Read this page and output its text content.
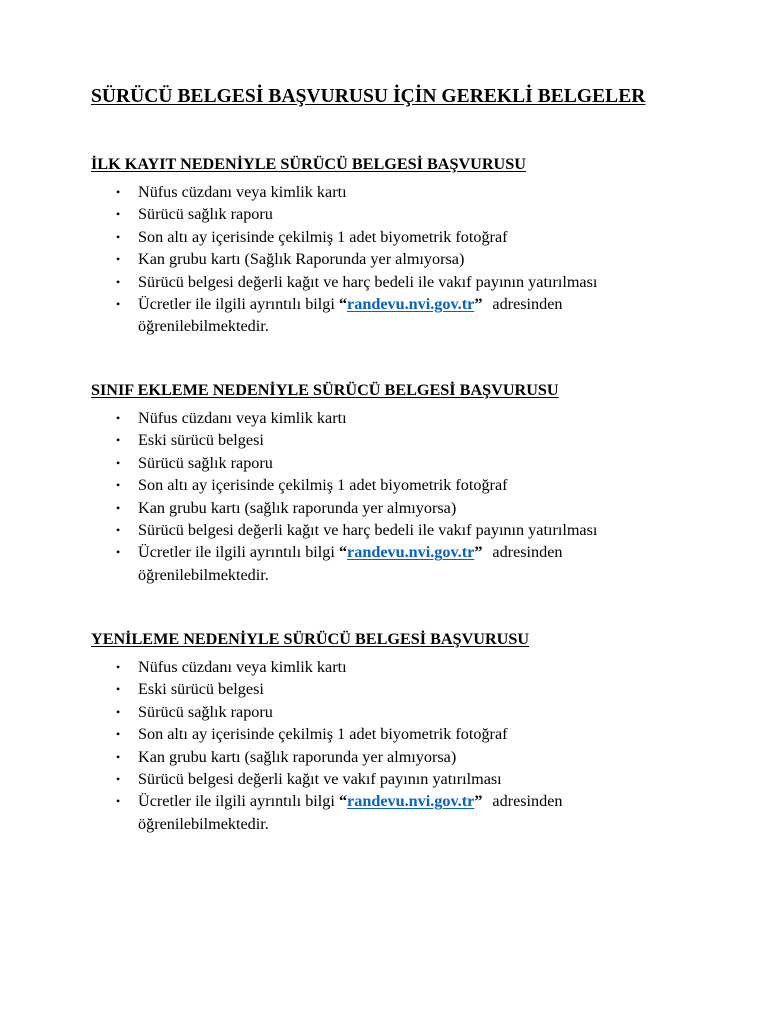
SÜRÜCÜ BELGESİ BAŞVURUSU İÇİN GEREKLİ BELGELER
İLK KAYIT NEDENİYLE SÜRÜCÜ BELGESİ BAŞVURUSU
• Nüfus cüzdanı veya kimlik kartı
• Sürücü sağlık raporu
• Son altı ay içerisinde çekilmiş 1 adet biyometrik fotoğraf
• Kan grubu kartı (Sağlık Raporunda yer almıyorsa)
• Sürücü belgesi değerli kağıt ve harç bedeli ile vakıf payının yatırılması
• Ücretler ile ilgili ayrıntılı bilgi “randevu.nvi.gov.tr” adresinden
öğrenilebilmektedir.
SINIF EKLEME NEDENİYLE SÜRÜCÜ BELGESİ BAŞVURUSU
• Nüfus cüzdanı veya kimlik kartı
• Eski sürücü belgesi
• Sürücü sağlık raporu
• Son altı ay içerisinde çekilmiş 1 adet biyometrik fotoğraf
• Kan grubu kartı (sağlık raporunda yer almıyorsa)
• Sürücü belgesi değerli kağıt ve harç bedeli ile vakıf payının yatırılması
• Ücretler ile ilgili ayrıntılı bilgi “randevu.nvi.gov.tr” adresinden
öğrenilebilmektedir.
YENİLEME NEDENİYLE SÜRÜCÜ BELGESİ BAŞVURUSU
• Nüfus cüzdanı veya kimlik kartı
• Eski sürücü belgesi
• Sürücü sağlık raporu
• Son altı ay içerisinde çekilmiş 1 adet biyometrik fotoğraf
• Kan grubu kartı (sağlık raporunda yer almıyorsa)
• Sürücü belgesi değerli kağıt ve vakıf payının yatırılması
• Ücretler ile ilgili ayrıntılı bilgi “randevu.nvi.gov.tr” adresinden
öğrenilebilmektedir.
